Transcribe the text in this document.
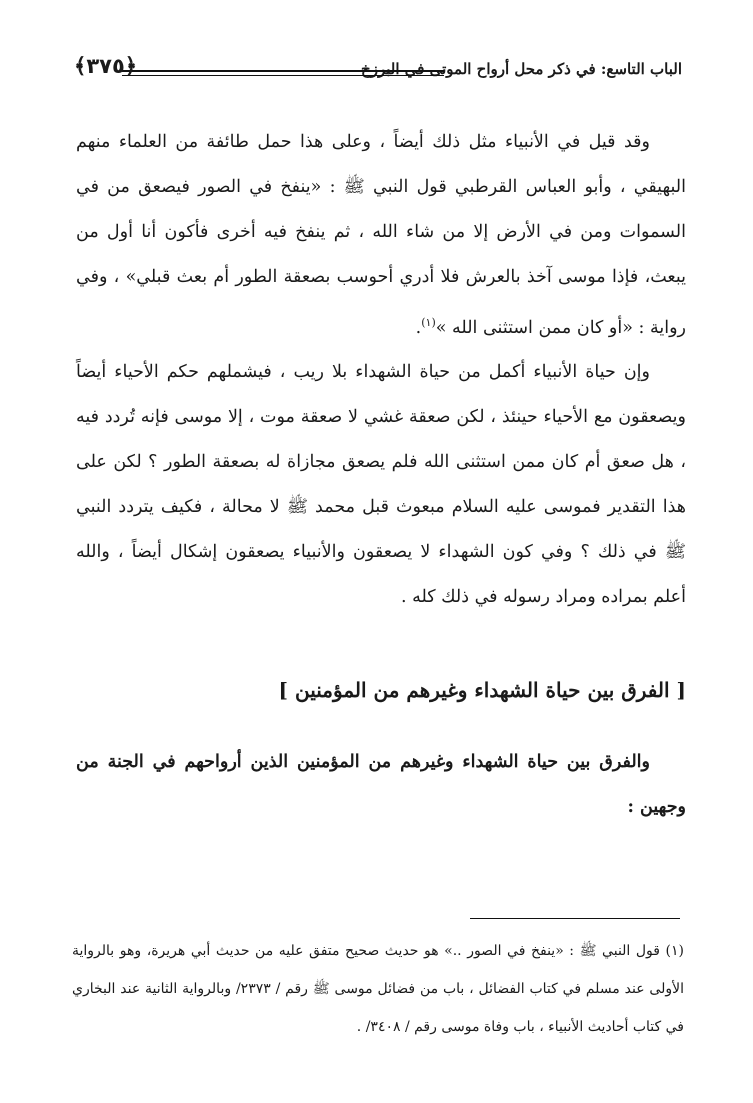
الباب التاسع: في ذكر محل أرواح الموتى في البرزخ
﴿٣٧٥﴾

وقد قيل في الأنبياء مثل ذلك أيضاً ، وعلى هذا حمل طائفة من العلماء منهم البهيقي ، وأبو العباس القرطبي قول النبي ﷺ : «ينفخ في الصور فيصعق من في السموات ومن في الأرض إلا من شاء الله ، ثم ينفخ فيه أخرى فأكون أنا أول من يبعث، فإذا موسى آخذ بالعرش فلا أدري أحوسب بصعقة الطور أم بعث قبلي» ، وفي رواية : «أو كان ممن استثنى الله »$^{(١)}$.

وإن حياة الأنبياء أكمل من حياة الشهداء بلا ريب ، فيشملهم حكم الأحياء أيضاً ويصعقون مع الأحياء حينئذ ، لكن صعقة غشي لا صعقة موت ، إلا موسى فإنه تُردد فيه ، هل صعق أم كان ممن استثنى الله فلم يصعق مجازاة له بصعقة الطور ؟ لكن على هذا التقدير فموسى عليه السلام مبعوث قبل محمد ﷺ لا محالة ، فكيف يتردد النبي ﷺ في ذلك ؟ وفي كون الشهداء لا يصعقون والأنبياء يصعقون إشكال أيضاً ، والله أعلم بمراده ومراد رسوله في ذلك كله .

[ الفرق بين حياة الشهداء وغيرهم من المؤمنين ]

والفرق بين حياة الشهداء وغيرهم من المؤمنين الذين أرواحهم في الجنة من وجهين :

(١) قول النبي ﷺ : «ينفخ في الصور ..» هو حديث صحيح متفق عليه من حديث أبي هريرة، وهو بالرواية الأولى عند مسلم في كتاب الفضائل ، باب من فضائل موسى ﷺ رقم / ٢٣٧٣/ وبالرواية الثانية عند البخاري في كتاب أحاديث الأنبياء ، باب وفاة موسى رقم / ٣٤٠٨/ .
